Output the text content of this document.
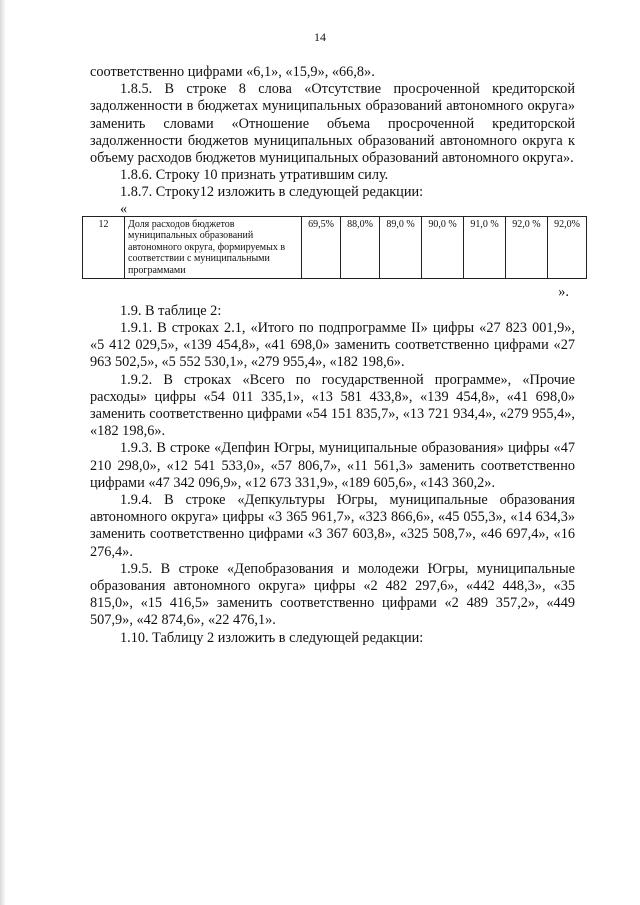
14

соответственно цифрами «6,1», «15,9», «66,8».

1.8.5. В строке 8 слова «Отсутствие просроченной кредиторской задолженности в бюджетах муниципальных образований автономного округа» заменить словами «Отношение объема просроченной кредиторской задолженности бюджетов муниципальных образований автономного округа к объему расходов бюджетов муниципальных образований автономного округа».

1.8.6. Строку 10 признать утратившим силу.

1.8.7. Строку12 изложить в следующей редакции:

«

12	Доля расходов бюджетов муниципальных образований автономного округа, формируемых в соответствии с муниципальными программами	69,5%	88,0%	89,0 %	90,0 %	91,0 %	92,0 %	92,0%

».

1.9. В таблице 2:

1.9.1. В строках 2.1, «Итого по подпрограмме II» цифры «27 823 001,9», «5 412 029,5», «139 454,8», «41 698,0» заменить соответственно цифрами «27 963 502,5», «5 552 530,1», «279 955,4», «182 198,6».

1.9.2. В строках «Всего по государственной программе», «Прочие расходы» цифры «54 011 335,1», «13 581 433,8», «139 454,8», «41 698,0» заменить соответственно цифрами «54 151 835,7», «13 721 934,4», «279 955,4», «182 198,6».

1.9.3. В строке «Депфин Югры, муниципальные образования» цифры «47 210 298,0», «12 541 533,0», «57 806,7», «11 561,3» заменить соответственно цифрами «47 342 096,9», «12 673 331,9», «189 605,6», «143 360,2».

1.9.4. В строке «Депкультуры Югры, муниципальные образования автономного округа» цифры «3 365 961,7», «323 866,6», «45 055,3», «14 634,3» заменить соответственно цифрами «3 367 603,8», «325 508,7», «46 697,4», «16 276,4».

1.9.5. В строке «Депобразования и молодежи Югры, муниципальные образования автономного округа» цифры «2 482 297,6», «442 448,3», «35 815,0», «15 416,5» заменить соответственно цифрами «2 489 357,2», «449 507,9», «42 874,6», «22 476,1».

1.10. Таблицу 2 изложить в следующей редакции:
